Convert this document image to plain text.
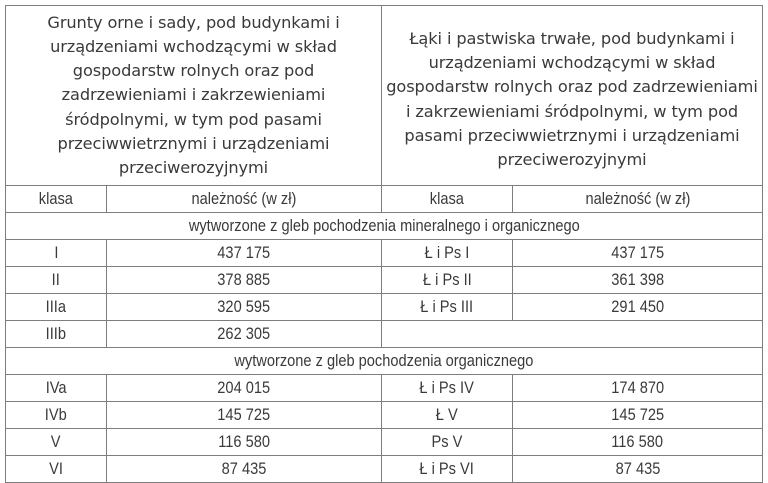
Grunty orne i sady, pod budynkami i urządzeniami wchodzącymi w skład gospodarstw rolnych oraz pod zadrzewieniami i zakrzewieniami śródpolnymi, w tym pod pasami przeciwwietrznymi i urządzeniami przeciwerozyjnymi	Łąki i pastwiska trwałe, pod budynkami i urządzeniami wchodzącymi w skład gospodarstw rolnych oraz pod zadrzewieniami i zakrzewieniami śródpolnymi, w tym pod pasami przeciwwietrznymi i urządzeniami przeciwerozyjnymi
klasa	należność (w zł)	klasa	należność (w zł)
wytworzone z gleb pochodzenia mineralnego i organicznego			
I	437 175	Ł i Ps I	437 175
II	378 885	Ł i Ps II	361 398
IIIa	320 595	Ł i Ps III	291 450
IIIb	262 305		
wytworzone z gleb pochodzenia organicznego			
IVa	204 015	Ł i Ps IV	174 870
IVb	145 725	Ł V	145 725
V	116 580	Ps V	116 580
VI	87 435	Ł i Ps VI	87 435
